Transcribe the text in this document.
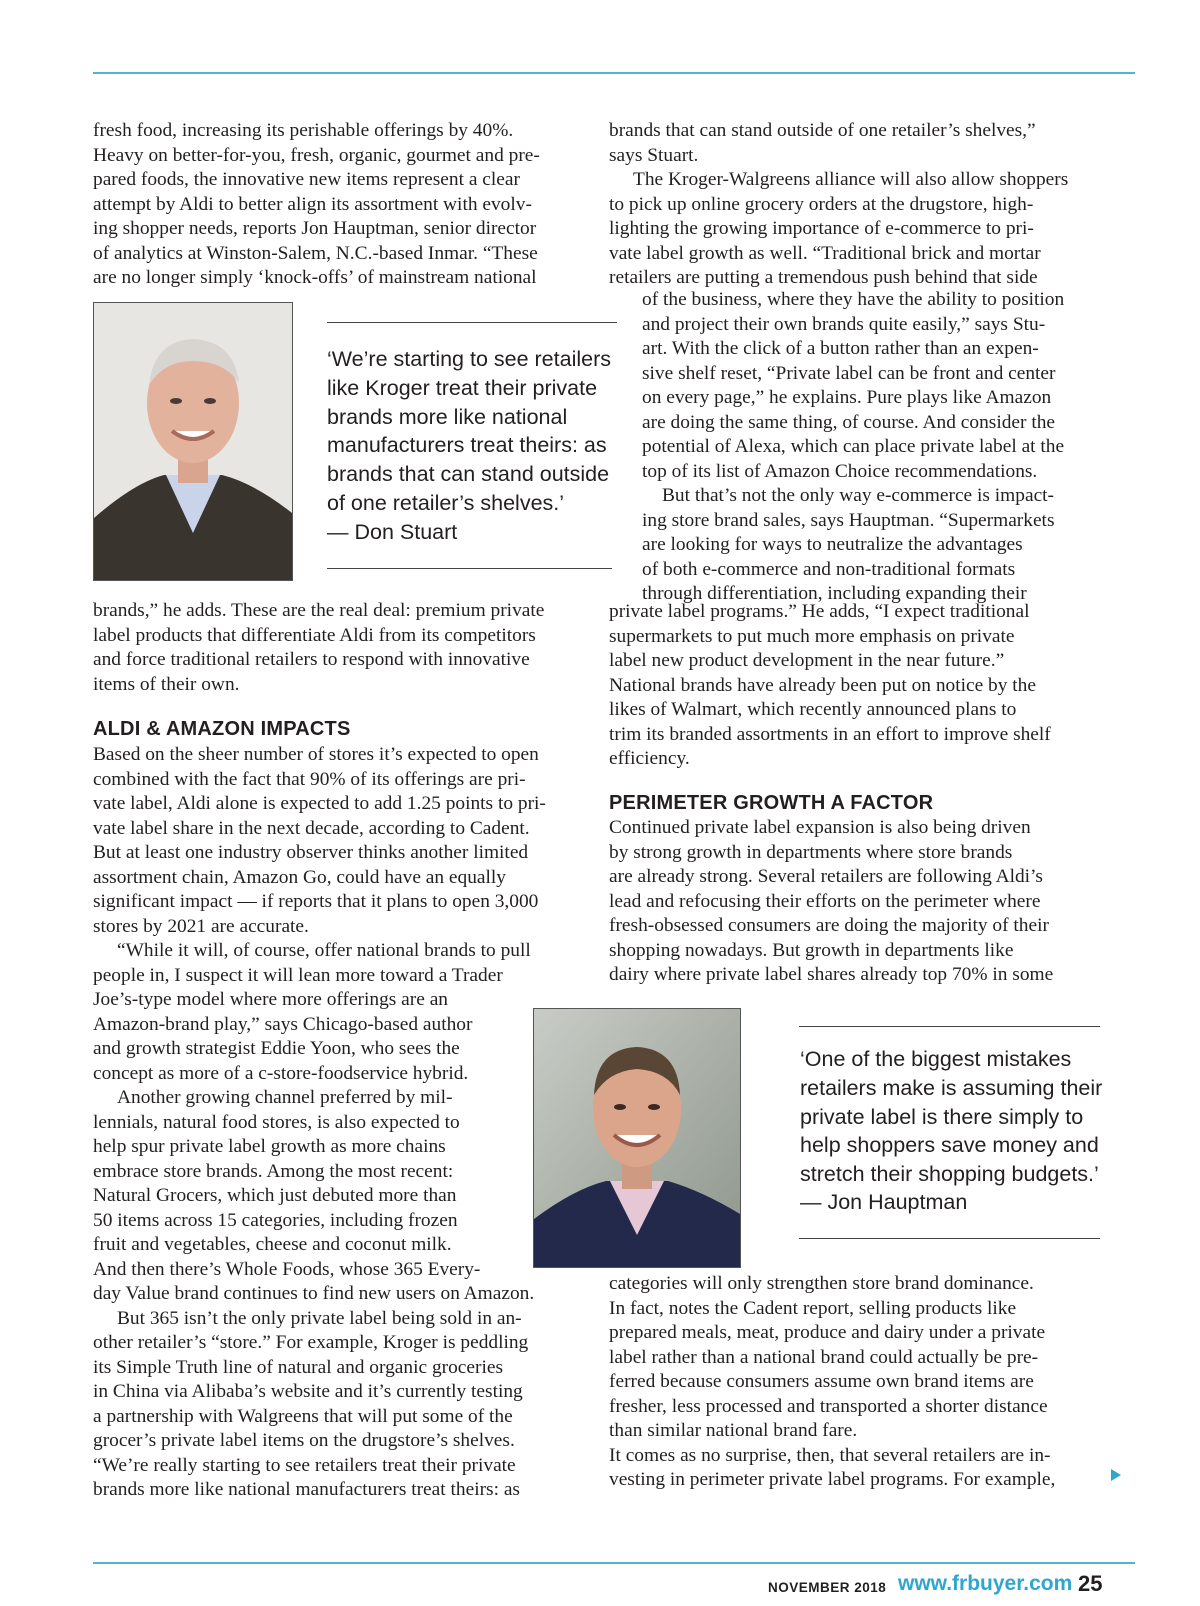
fresh food, increasing its perishable offerings by 40%.
Heavy on better-for-you, fresh, organic, gourmet and pre-
pared foods, the innovative new items represent a clear
attempt by Aldi to better align its assortment with evolv-
ing shopper needs, reports Jon Hauptman, senior director
of analytics at Winston-Salem, N.C.-based Inmar. “These
are no longer simply ‘knock-offs’ of mainstream national
‘We’re starting to see retailers
like Kroger treat their private
brands more like national
manufacturers treat theirs: as
brands that can stand outside
of one retailer’s shelves.’
— Don Stuart
brands,” he adds. These are the real deal: premium private
label products that differentiate Aldi from its competitors
and force traditional retailers to respond with innovative
items of their own.
ALDI & AMAZON IMPACTS
Based on the sheer number of stores it’s expected to open
combined with the fact that 90% of its offerings are pri-
vate label, Aldi alone is expected to add 1.25 points to pri-
vate label share in the next decade, according to Cadent.
But at least one industry observer thinks another limited
assortment chain, Amazon Go, could have an equally
significant impact — if reports that it plans to open 3,000
stores by 2021 are accurate.
“While it will, of course, offer national brands to pull
people in, I suspect it will lean more toward a Trader
Joe’s-type model where more offerings are an
Amazon-brand play,” says Chicago-based author
and growth strategist Eddie Yoon, who sees the
concept as more of a c-store-foodservice hybrid.
Another growing channel preferred by mil-
lennials, natural food stores, is also expected to
help spur private label growth as more chains
embrace store brands. Among the most recent:
Natural Grocers, which just debuted more than
50 items across 15 categories, including frozen
fruit and vegetables, cheese and coconut milk.
And then there’s Whole Foods, whose 365 Every-
day Value brand continues to find new users on Amazon.
But 365 isn’t the only private label being sold in an-
other retailer’s “store.” For example, Kroger is peddling
its Simple Truth line of natural and organic groceries
in China via Alibaba’s website and it’s currently testing
a partnership with Walgreens that will put some of the
grocer’s private label items on the drugstore’s shelves.
“We’re really starting to see retailers treat their private
brands more like national manufacturers treat theirs: as
brands that can stand outside of one retailer’s shelves,”
says Stuart.
The Kroger-Walgreens alliance will also allow shoppers
to pick up online grocery orders at the drugstore, high-
lighting the growing importance of e-commerce to pri-
vate label growth as well. “Traditional brick and mortar
retailers are putting a tremendous push behind that side
of the business, where they have the ability to position
and project their own brands quite easily,” says Stu-
art. With the click of a button rather than an expen-
sive shelf reset, “Private label can be front and center
on every page,” he explains. Pure plays like Amazon
are doing the same thing, of course. And consider the
potential of Alexa, which can place private label at the
top of its list of Amazon Choice recommendations.
But that’s not the only way e-commerce is impact-
ing store brand sales, says Hauptman. “Supermarkets
are looking for ways to neutralize the advantages
of both e-commerce and non-traditional formats
through differentiation, including expanding their
private label programs.” He adds, “I expect traditional
supermarkets to put much more emphasis on private
label new product development in the near future.”
National brands have already been put on notice by the
likes of Walmart, which recently announced plans to
trim its branded assortments in an effort to improve shelf
efficiency.
PERIMETER GROWTH A FACTOR
Continued private label expansion is also being driven
by strong growth in departments where store brands
are already strong. Several retailers are following Aldi’s
lead and refocusing their efforts on the perimeter where
fresh-obsessed consumers are doing the majority of their
shopping nowadays. But growth in departments like
dairy where private label shares already top 70% in some
‘One of the biggest mistakes
retailers make is assuming their
private label is there simply to
help shoppers save money and
stretch their shopping budgets.’
— Jon Hauptman
categories will only strengthen store brand dominance.
In fact, notes the Cadent report, selling products like
prepared meals, meat, produce and dairy under a private
label rather than a national brand could actually be pre-
ferred because consumers assume own brand items are
fresher, less processed and transported a shorter distance
than similar national brand fare.
It comes as no surprise, then, that several retailers are in-
vesting in perimeter private label programs. For example,
NOVEMBER 2018 www.frbuyer.com 25
